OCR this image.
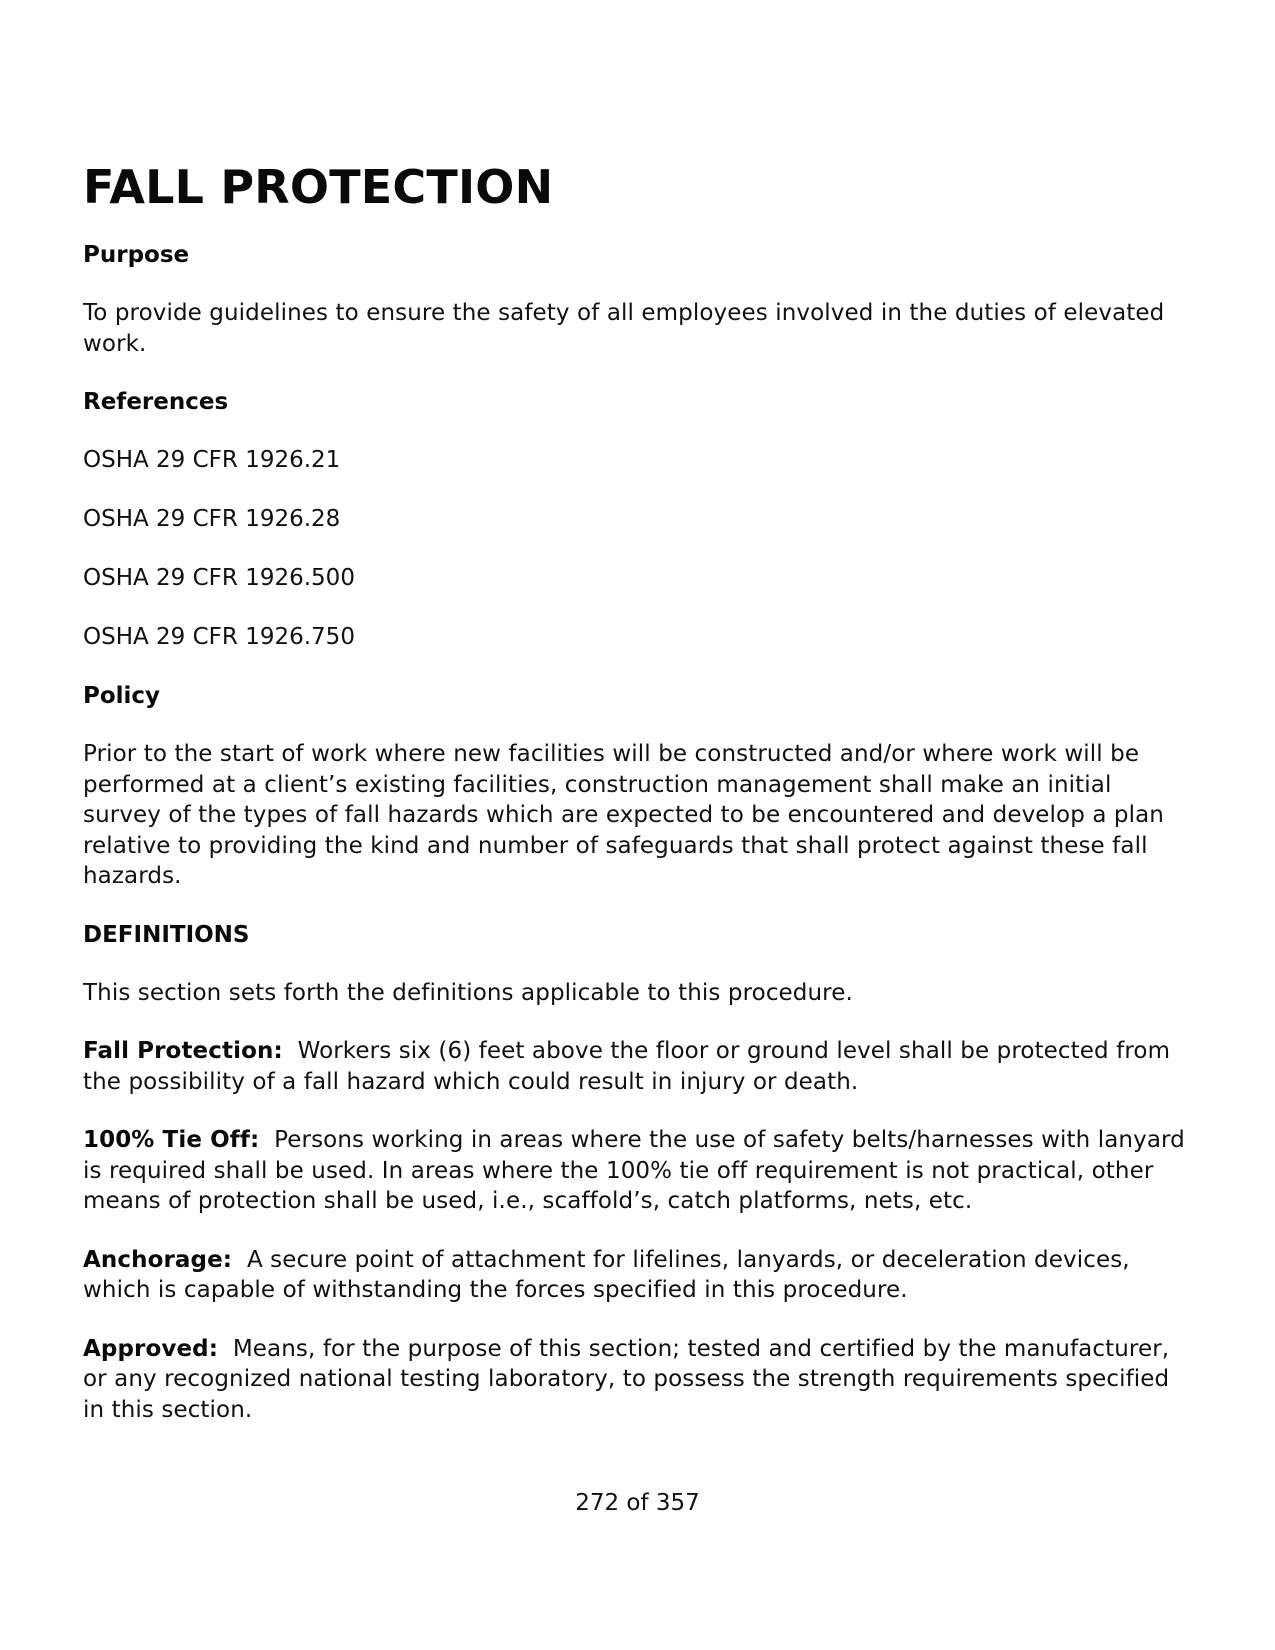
FALL PROTECTION
Purpose

To provide guidelines to ensure the safety of all employees involved in the duties of elevated work.

References

OSHA 29 CFR 1926.21

OSHA 29 CFR 1926.28

OSHA 29 CFR 1926.500

OSHA 29 CFR 1926.750

Policy

Prior to the start of work where new facilities will be constructed and/or where work will be performed at a client’s existing facilities, construction management shall make an initial survey of the types of fall hazards which are expected to be encountered and develop a plan relative to providing the kind and number of safeguards that shall protect against these fall hazards.

DEFINITIONS

This section sets forth the definitions applicable to this procedure.

Fall Protection: Workers six (6) feet above the floor or ground level shall be protected from the possibility of a fall hazard which could result in injury or death.

100% Tie Off: Persons working in areas where the use of safety belts/harnesses with lanyard is required shall be used. In areas where the 100% tie off requirement is not practical, other means of protection shall be used, i.e., scaffold’s, catch platforms, nets, etc.

Anchorage: A secure point of attachment for lifelines, lanyards, or deceleration devices, which is capable of withstanding the forces specified in this procedure.

Approved: Means, for the purpose of this section; tested and certified by the manufacturer, or any recognized national testing laboratory, to possess the strength requirements specified in this section.

272 of 357
